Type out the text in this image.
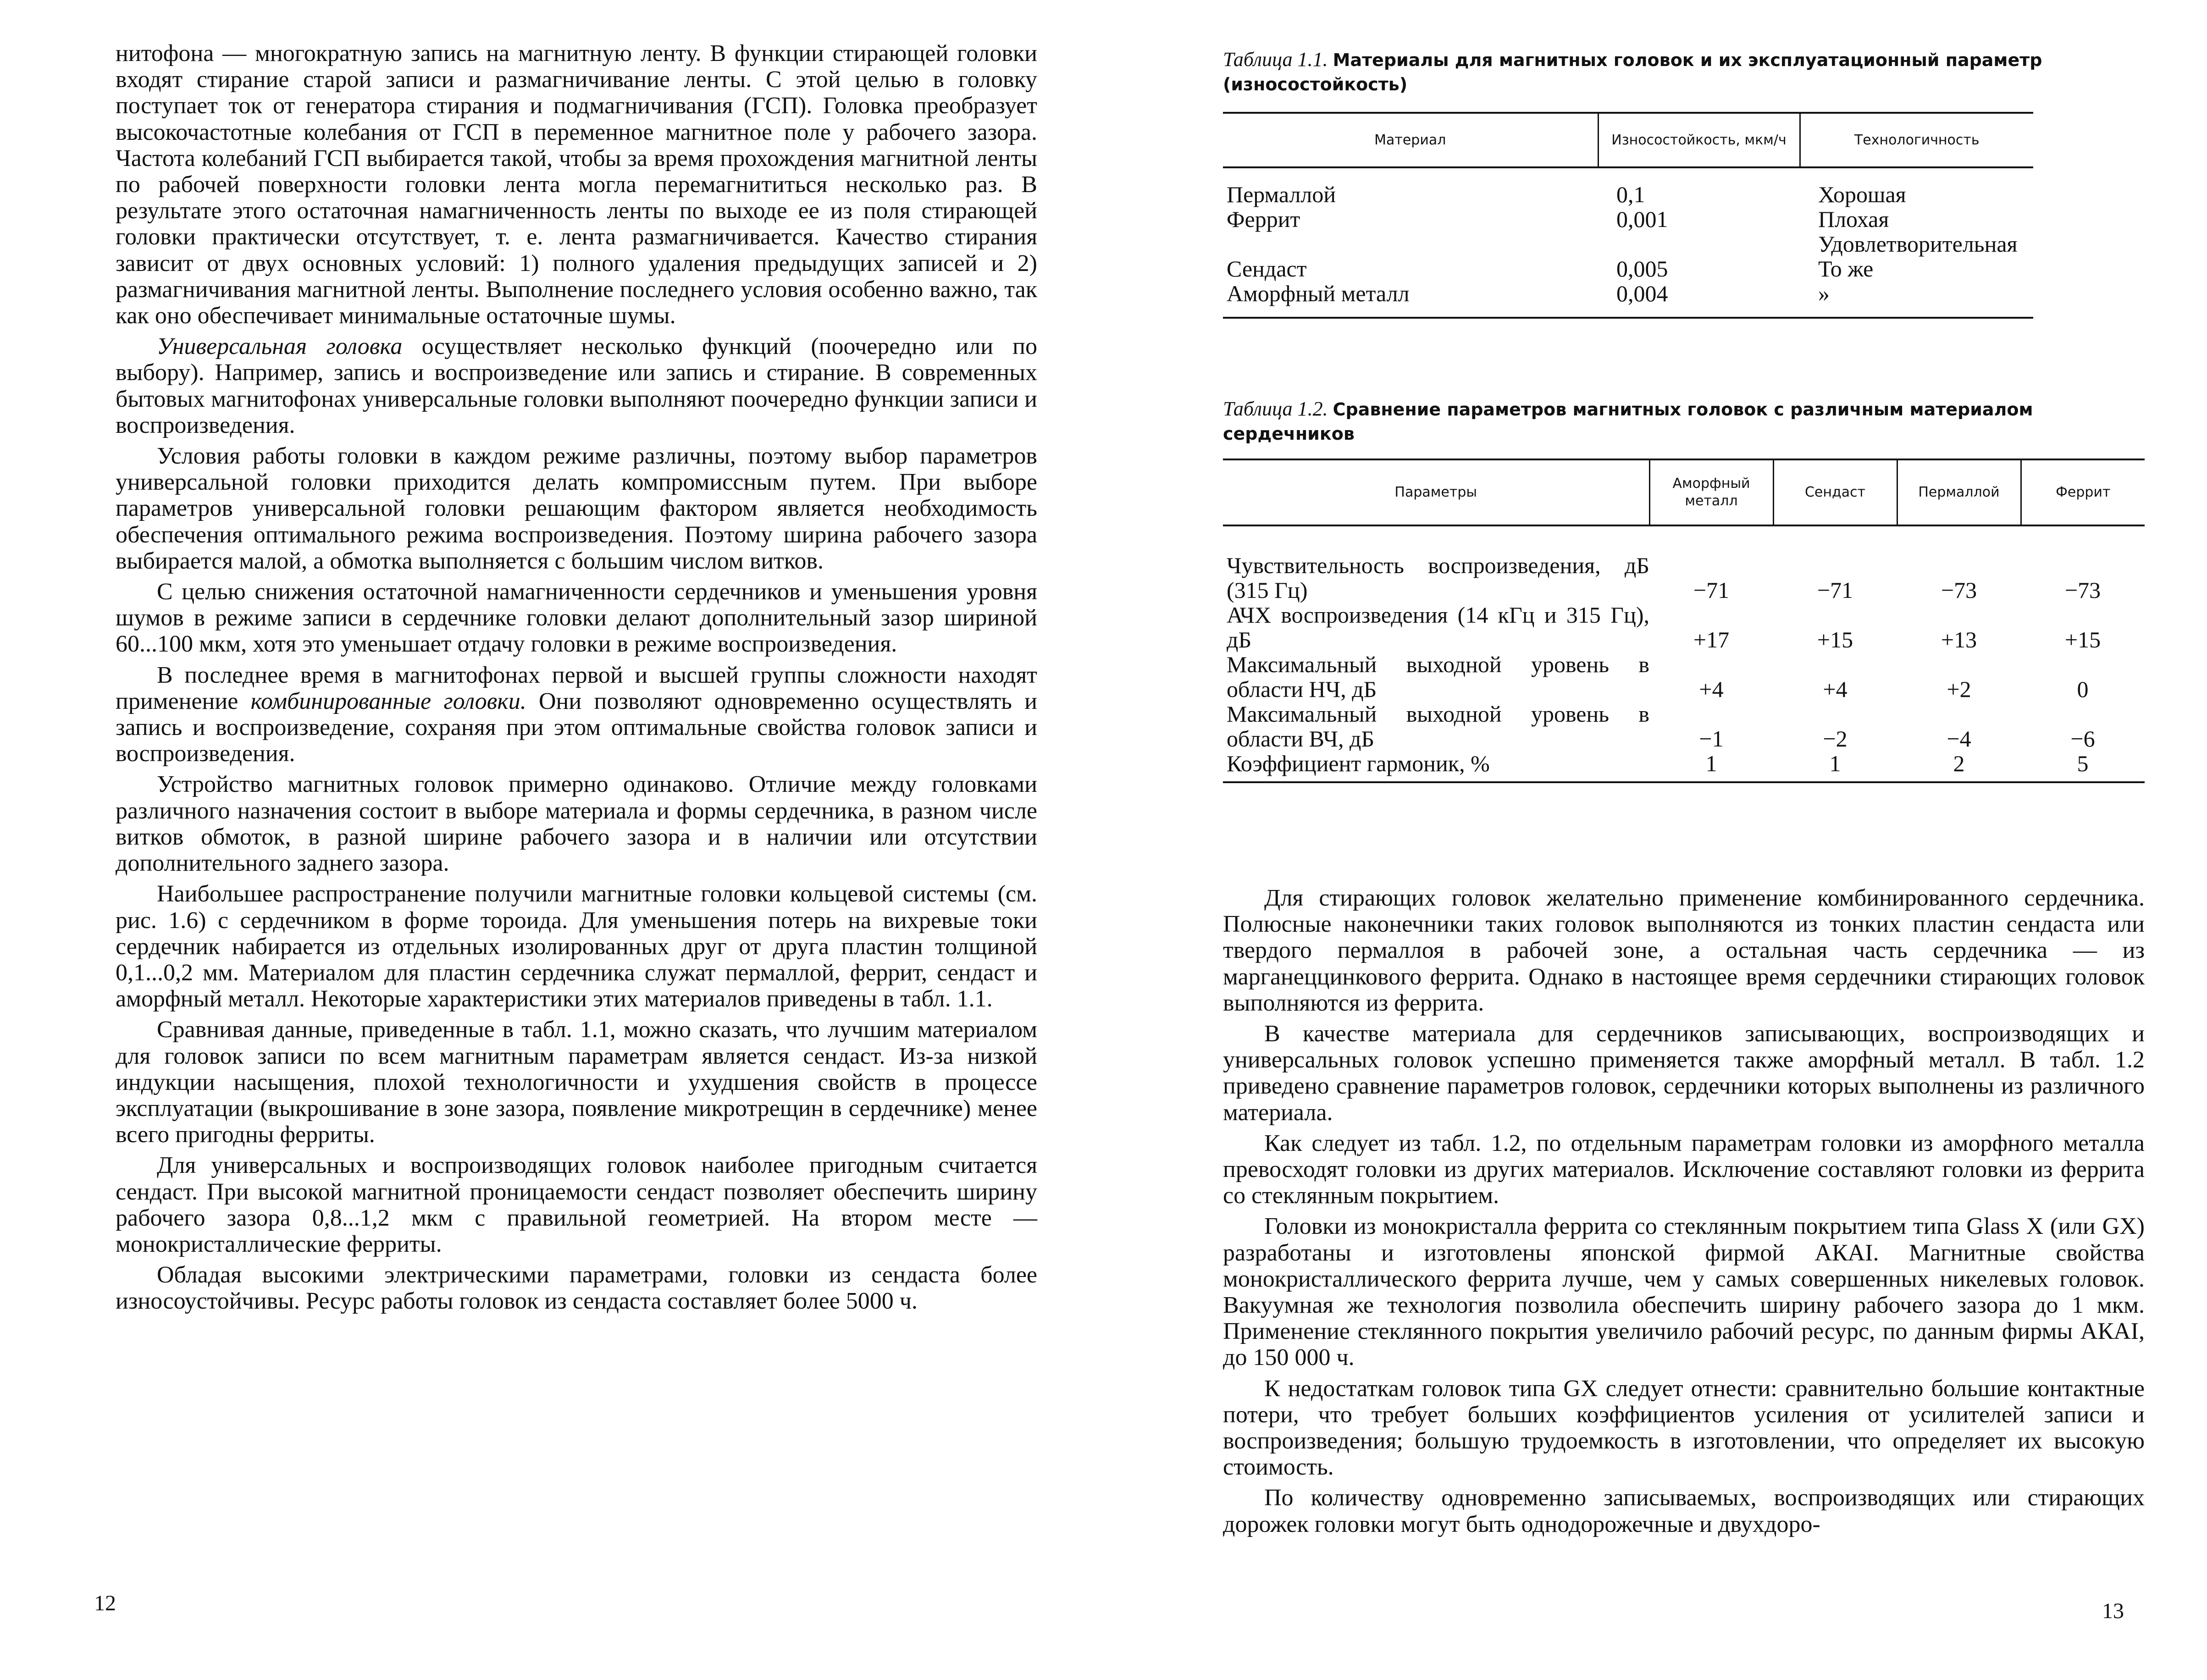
нитофона — многократную запись на магнитную ленту. В функции стирающей головки входят стирание старой записи и размагничивание ленты. С этой целью в головку поступает ток от генератора стирания и подмагничивания (ГСП). Головка преобразует высокочастотные колебания от ГСП в переменное магнитное поле у рабочего зазора. Частота колебаний ГСП выбирается такой, чтобы за время прохождения магнитной ленты по рабочей поверхности головки лента могла перемагнититься несколько раз. В результате этого остаточная намагниченность ленты по выходе ее из поля стирающей головки практически отсутствует, т. е. лента размагничивается. Качество стирания зависит от двух основных условий: 1) полного удаления предыдущих записей и 2) размагничивания магнитной ленты. Выполнение последнего условия особенно важно, так как оно обеспечивает минимальные остаточные шумы.

Универсальная головка осуществляет несколько функций (поочередно или по выбору). Например, запись и воспроизведение или запись и стирание. В современных бытовых магнитофонах универсальные головки выполняют поочередно функции записи и воспроизведения.

Условия работы головки в каждом режиме различны, поэтому выбор параметров универсальной головки приходится делать компромиссным путем. При выборе параметров универсальной головки решающим фактором является необходимость обеспечения оптимального режима воспроизведения. Поэтому ширина рабочего зазора выбирается малой, а обмотка выполняется с большим числом витков.

С целью снижения остаточной намагниченности сердечников и уменьшения уровня шумов в режиме записи в сердечнике головки делают дополнительный зазор шириной 60...100 мкм, хотя это уменьшает отдачу головки в режиме воспроизведения.

В последнее время в магнитофонах первой и высшей группы сложности находят применение комбинированные головки. Они позволяют одновременно осуществлять и запись и воспроизведение, сохраняя при этом оптимальные свойства головок записи и воспроизведения.

Устройство магнитных головок примерно одинаково. Отличие между головками различного назначения состоит в выборе материала и формы сердечника, в разном числе витков обмоток, в разной ширине рабочего зазора и в наличии или отсутствии дополнительного заднего зазора.

Наибольшее распространение получили магнитные головки кольцевой системы (см. рис. 1.6) с сердечником в форме тороида. Для уменьшения потерь на вихревые токи сердечник набирается из отдельных изолированных друг от друга пластин толщиной 0,1...0,2 мм. Материалом для пластин сердечника служат пермаллой, феррит, сендаст и аморфный металл. Некоторые характеристики этих материалов приведены в табл. 1.1.

Сравнивая данные, приведенные в табл. 1.1, можно сказать, что лучшим материалом для головок записи по всем магнитным параметрам является сендаст. Из-за низкой индукции насыщения, плохой технологичности и ухудшения свойств в процессе эксплуатации (выкрошивание в зоне зазора, появление микротрещин в сердечнике) менее всего пригодны ферриты.

Для универсальных и воспроизводящих головок наиболее пригодным считается сендаст. При высокой магнитной проницаемости сендаст позволяет обеспечить ширину рабочего зазора 0,8...1,2 мкм с правильной геометрией. На втором месте — монокристаллические ферриты.

Обладая высокими электрическими параметрами, головки из сендаста более износоустойчивы. Ресурс работы головок из сендаста составляет более 5000 ч.

12
Таблица 1.1. Материалы для магнитных головок и их эксплуатационный параметр (износостойкость)
Материал	Износостойкость, мкм/ч	Технологичность

Пермаллой	0,1	Хорошая
Феррит	0,001	Плохая
		Удовлетворительная
Сендаст	0,005	То же
Аморфный металл	0,004	»
Таблица 1.2. Сравнение параметров магнитных головок с различным материалом сердечников
Параметры	Аморфный металл	Сендаст	Пермаллой	Феррит

Чувствительность воспроизведения, дБ (315 Гц)	−71	−71	−73	−73
АЧХ воспроизведения (14 кГц и 315 Гц), дБ	+17	+15	+13	+15
Максимальный выходной уровень в области НЧ, дБ	+4	+4	+2	0
Максимальный выходной уровень в области ВЧ, дБ	−1	−2	−4	−6
Коэффициент гармоник, %	1	1	2	5

Для стирающих головок желательно применение комбинированного сердечника. Полюсные наконечники таких головок выполняются из тонких пластин сендаста или твердого пермаллоя в рабочей зоне, а остальная часть сердечника — из марганеццинкового феррита. Однако в настоящее время сердечники стирающих головок выполняются из феррита.

В качестве материала для сердечников записывающих, воспроизводящих и универсальных головок успешно применяется также аморфный металл. В табл. 1.2 приведено сравнение параметров головок, сердечники которых выполнены из различного материала.

Как следует из табл. 1.2, по отдельным параметрам головки из аморфного металла превосходят головки из других материалов. Исключение составляют головки из феррита со стеклянным покрытием.

Головки из монокристалла феррита со стеклянным покрытием типа Glass X (или GX) разработаны и изготовлены японской фирмой АКАІ. Магнитные свойства монокристаллического феррита лучше, чем у самых совершенных никелевых головок. Вакуумная же технология позволила обеспечить ширину рабочего зазора до 1 мкм. Применение стеклянного покрытия увеличило рабочий ресурс, по данным фирмы АКАІ, до 150 000 ч.

К недостаткам головок типа GX следует отнести: сравнительно большие контактные потери, что требует больших коэффициентов усиления от усилителей записи и воспроизведения; большую трудоемкость в изготовлении, что определяет их высокую стоимость.

По количеству одновременно записываемых, воспроизводящих или стирающих дорожек головки могут быть однодорожечные и двухдоро-

13
